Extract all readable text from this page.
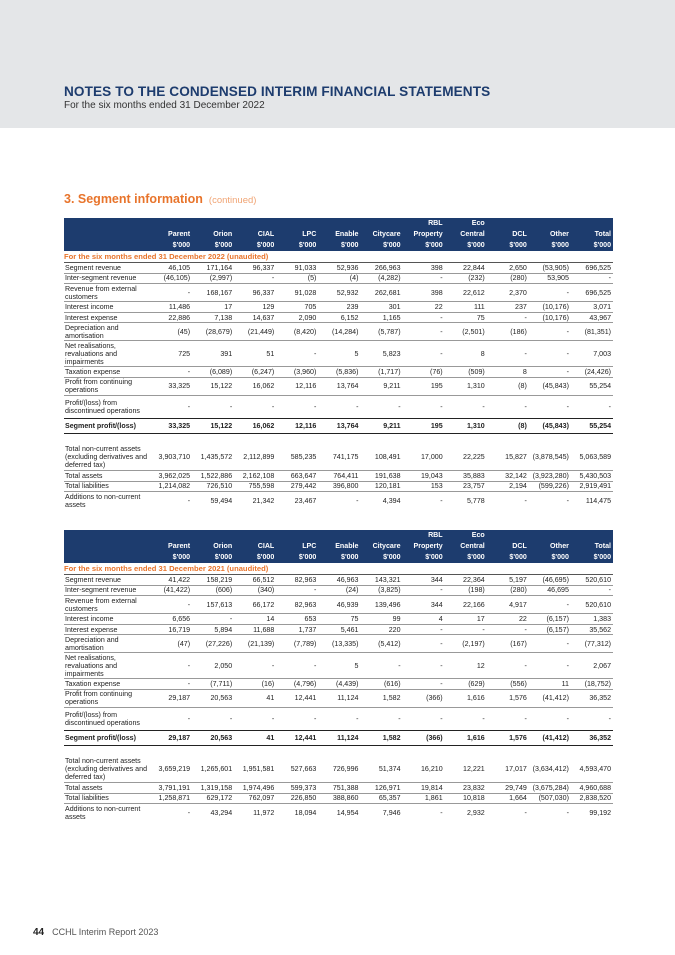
NOTES TO THE CONDENSED INTERIM FINANCIAL STATEMENTS
For the six months ended 31 December 2022
3. Segment information (continued)
							RBL	Eco			
	Parent	Orion	CIAL	LPC	Enable	Citycare	Property	Central	DCL	Other	Total
	$'000	$'000	$'000	$'000	$'000	$'000	$'000	$'000	$'000	$'000	$'000
For the six months ended 31 December 2022 (unaudited)											
Segment revenue	46,105	171,164	96,337	91,033	52,936	266,963	398	22,844	2,650	(53,905)	696,525
Inter-segment revenue	(46,105)	(2,997)	-	(5)	(4)	(4,282)	-	(232)	(280)	53,905	-
Revenue from external customers	-	168,167	96,337	91,028	52,932	262,681	398	22,612	2,370	-	696,525
Interest income	11,486	17	129	705	239	301	22	111	237	(10,176)	3,071
Interest expense	22,886	7,138	14,637	2,090	6,152	1,165	-	75	-	(10,176)	43,967
Depreciation and amortisation	(45)	(28,679)	(21,449)	(8,420)	(14,284)	(5,787)	-	(2,501)	(186)	-	(81,351)
Net realisations, revaluations and impairments	725	391	51	-	5	5,823	-	8	-	-	7,003
Taxation expense	-	(6,089)	(6,247)	(3,960)	(5,836)	(1,717)	(76)	(509)	8	-	(24,426)
Profit from continuing operations	33,325	15,122	16,062	12,116	13,764	9,211	195	1,310	(8)	(45,843)	55,254
Profit/(loss) from discontinued operations	-	-	-	-	-	-	-	-	-	-	-
Segment profit/(loss)	33,325	15,122	16,062	12,116	13,764	9,211	195	1,310	(8)	(45,843)	55,254

Total non-current assets (excluding derivatives and deferred tax)	3,903,710	1,435,572	2,112,899	585,235	741,175	108,491	17,000	22,225	15,827	(3,878,545)	5,063,589
Total assets	3,962,025	1,522,886	2,162,108	663,647	764,411	191,638	19,043	35,883	32,142	(3,923,280)	5,430,503
Total liabilities	1,214,082	726,510	755,598	279,442	396,800	120,181	153	23,757	2,194	(599,226)	2,919,491
Additions to non-current assets	-	59,494	21,342	23,467	-	4,394	-	5,778	-	-	114,475
							RBL	Eco			
	Parent	Orion	CIAL	LPC	Enable	Citycare	Property	Central	DCL	Other	Total
	$'000	$'000	$'000	$'000	$'000	$'000	$'000	$'000	$'000	$'000	$'000
For the six months ended 31 December 2021 (unaudited)											
Segment revenue	41,422	158,219	66,512	82,963	46,963	143,321	344	22,364	5,197	(46,695)	520,610
Inter-segment revenue	(41,422)	(606)	(340)	-	(24)	(3,825)	-	(198)	(280)	46,695	-
Revenue from external customers	-	157,613	66,172	82,963	46,939	139,496	344	22,166	4,917	-	520,610
Interest income	6,656	-	14	653	75	99	4	17	22	(6,157)	1,383
Interest expense	16,719	5,894	11,688	1,737	5,461	220	-	-	-	(6,157)	35,562
Depreciation and amortisation	(47)	(27,226)	(21,139)	(7,789)	(13,335)	(5,412)	-	(2,197)	(167)	-	(77,312)
Net realisations, revaluations and impairments	-	2,050	-	-	5	-	-	12	-	-	2,067
Taxation expense	-	(7,711)	(16)	(4,796)	(4,439)	(616)	-	(629)	(556)	11	(18,752)
Profit from continuing operations	29,187	20,563	41	12,441	11,124	1,582	(366)	1,616	1,576	(41,412)	36,352
Profit/(loss) from discontinued operations	-	-	-	-	-	-	-	-	-	-	-
Segment profit/(loss)	29,187	20,563	41	12,441	11,124	1,582	(366)	1,616	1,576	(41,412)	36,352

Total non-current assets (excluding derivatives and deferred tax)	3,659,219	1,265,601	1,951,581	527,663	726,996	51,374	16,210	12,221	17,017	(3,634,412)	4,593,470
Total assets	3,791,191	1,319,158	1,974,496	599,373	751,388	126,971	19,814	23,832	29,749	(3,675,284)	4,960,688
Total liabilities	1,258,871	629,172	762,097	226,850	388,860	65,357	1,861	10,818	1,664	(507,030)	2,838,520
Additions to non-current assets	-	43,294	11,972	18,094	14,954	7,946	-	2,932	-	-	99,192
44 CCHL Interim Report 2023
